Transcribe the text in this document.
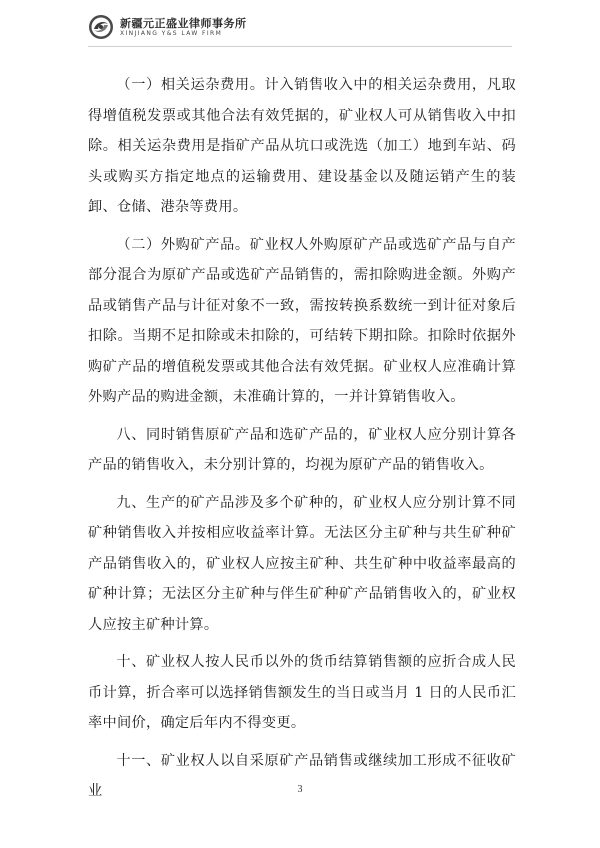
新疆元正盛业律师事务所
XINJIANG Y&S LAW FIRM

（一）相关运杂费用。计入销售收入中的相关运杂费用，凡取得增值税发票或其他合法有效凭据的，矿业权人可从销售收入中扣除。相关运杂费用是指矿产品从坑口或洗选（加工）地到车站、码头或购买方指定地点的运输费用、建设基金以及随运销产生的装卸、仓储、港杂等费用。

（二）外购矿产品。矿业权人外购原矿产品或选矿产品与自产部分混合为原矿产品或选矿产品销售的，需扣除购进金额。外购产品或销售产品与计征对象不一致，需按转换系数统一到计征对象后扣除。当期不足扣除或未扣除的，可结转下期扣除。扣除时依据外购矿产品的增值税发票或其他合法有效凭据。矿业权人应准确计算外购产品的购进金额，未准确计算的，一并计算销售收入。

八、同时销售原矿产品和选矿产品的，矿业权人应分别计算各产品的销售收入，未分别计算的，均视为原矿产品的销售收入。

九、生产的矿产品涉及多个矿种的，矿业权人应分别计算不同矿种销售收入并按相应收益率计算。无法区分主矿种与共生矿种矿产品销售收入的，矿业权人应按主矿种、共生矿种中收益率最高的矿种计算；无法区分主矿种与伴生矿种矿产品销售收入的，矿业权人应按主矿种计算。

十、矿业权人按人民币以外的货币结算销售额的应折合成人民币计算，折合率可以选择销售额发生的当日或当月 1 日的人民币汇率中间价，确定后年内不得变更。

十一、矿业权人以自采原矿产品销售或继续加工形成不征收矿业	3
